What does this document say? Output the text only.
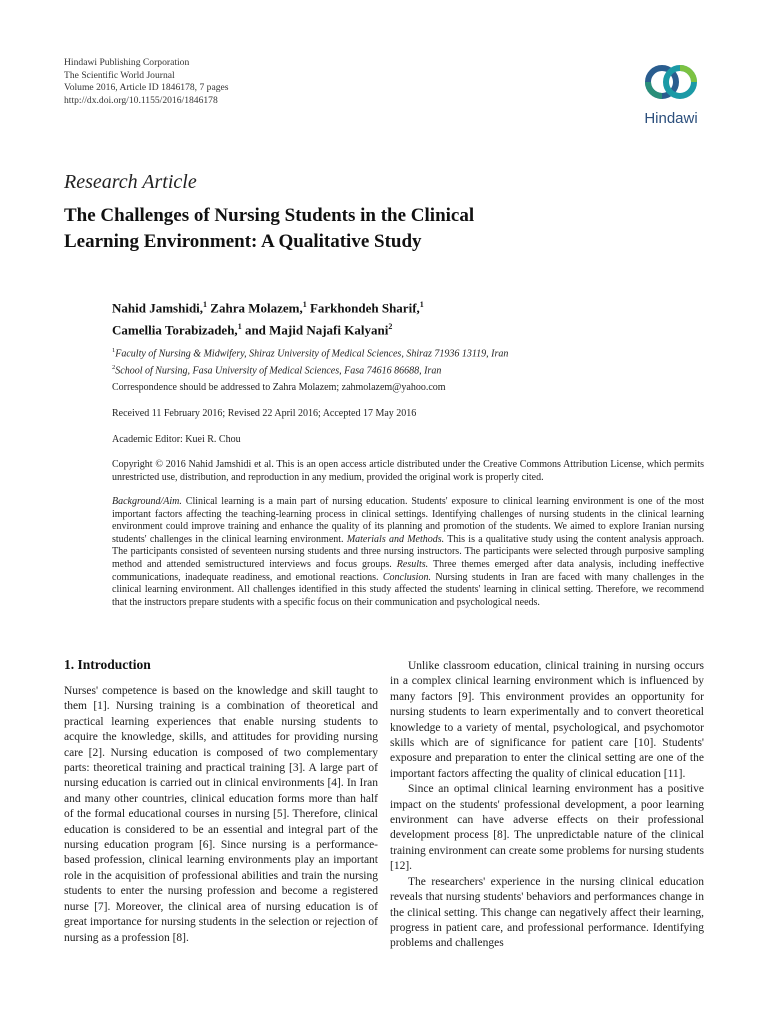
Hindawi Publishing Corporation
The Scientific World Journal
Volume 2016, Article ID 1846178, 7 pages
http://dx.doi.org/10.1155/2016/1846178
Hindawi
Research Article
The Challenges of Nursing Students in the Clinical
Learning Environment: A Qualitative Study
Nahid Jamshidi,$^1$ Zahra Molazem,$^1$ Farkhondeh Sharif,$^1$
Camellia Torabizadeh,$^1$ and Majid Najafi Kalyani$^2$
$^1$Faculty of Nursing & Midwifery, Shiraz University of Medical Sciences, Shiraz 71936 13119, Iran
$^2$School of Nursing, Fasa University of Medical Sciences, Fasa 74616 86688, Iran
Correspondence should be addressed to Zahra Molazem; zahmolazem@yahoo.com
Received 11 February 2016; Revised 22 April 2016; Accepted 17 May 2016
Academic Editor: Kuei R. Chou
Copyright © 2016 Nahid Jamshidi et al. This is an open access article distributed under the Creative Commons Attribution License, which permits unrestricted use, distribution, and reproduction in any medium, provided the original work is properly cited.
Background/Aim. Clinical learning is a main part of nursing education. Students' exposure to clinical learning environment is one of the most important factors affecting the teaching-learning process in clinical settings. Identifying challenges of nursing students in the clinical learning environment could improve training and enhance the quality of its planning and promotion of the students. We aimed to explore Iranian nursing students' challenges in the clinical learning environment. Materials and Methods. This is a qualitative study using the content analysis approach. The participants consisted of seventeen nursing students and three nursing instructors. The participants were selected through purposive sampling method and attended semistructured interviews and focus groups. Results. Three themes emerged after data analysis, including ineffective communications, inadequate readiness, and emotional reactions. Conclusion. Nursing students in Iran are faced with many challenges in the clinical learning environment. All challenges identified in this study affected the students' learning in clinical setting. Therefore, we recommend that the instructors prepare students with a specific focus on their communication and psychological needs.
1. Introduction

Nurses' competence is based on the knowledge and skill taught to them [1]. Nursing training is a combination of theoretical and practical learning experiences that enable nursing students to acquire the knowledge, skills, and attitudes for providing nursing care [2]. Nursing education is composed of two complementary parts: theoretical training and practical training [3]. A large part of nursing education is carried out in clinical environments [4]. In Iran and many other countries, clinical education forms more than half of the formal educational courses in nursing [5]. Therefore, clinical education is considered to be an essential and integral part of the nursing education program [6]. Since nursing is a performance-based profession, clinical learning environments play an important role in the acquisition of professional abilities and train the nursing students to enter the nursing profession and become a registered nurse [7]. Moreover, the clinical area of nursing education is of great importance for nursing students in the selection or rejection of nursing as a profession [8].

Unlike classroom education, clinical training in nursing occurs in a complex clinical learning environment which is influenced by many factors [9]. This environment provides an opportunity for nursing students to learn experimentally and to convert theoretical knowledge to a variety of mental, psychological, and psychomotor skills which are of significance for patient care [10]. Students' exposure and preparation to enter the clinical setting are one of the important factors affecting the quality of clinical education [11].

Since an optimal clinical learning environment has a positive impact on the students' professional development, a poor learning environment can have adverse effects on their professional development process [8]. The unpredictable nature of the clinical training environment can create some problems for nursing students [12].

The researchers' experience in the nursing clinical education reveals that nursing students' behaviors and performances change in the clinical setting. This change can negatively affect their learning, progress in patient care, and professional performance. Identifying problems and challenges
